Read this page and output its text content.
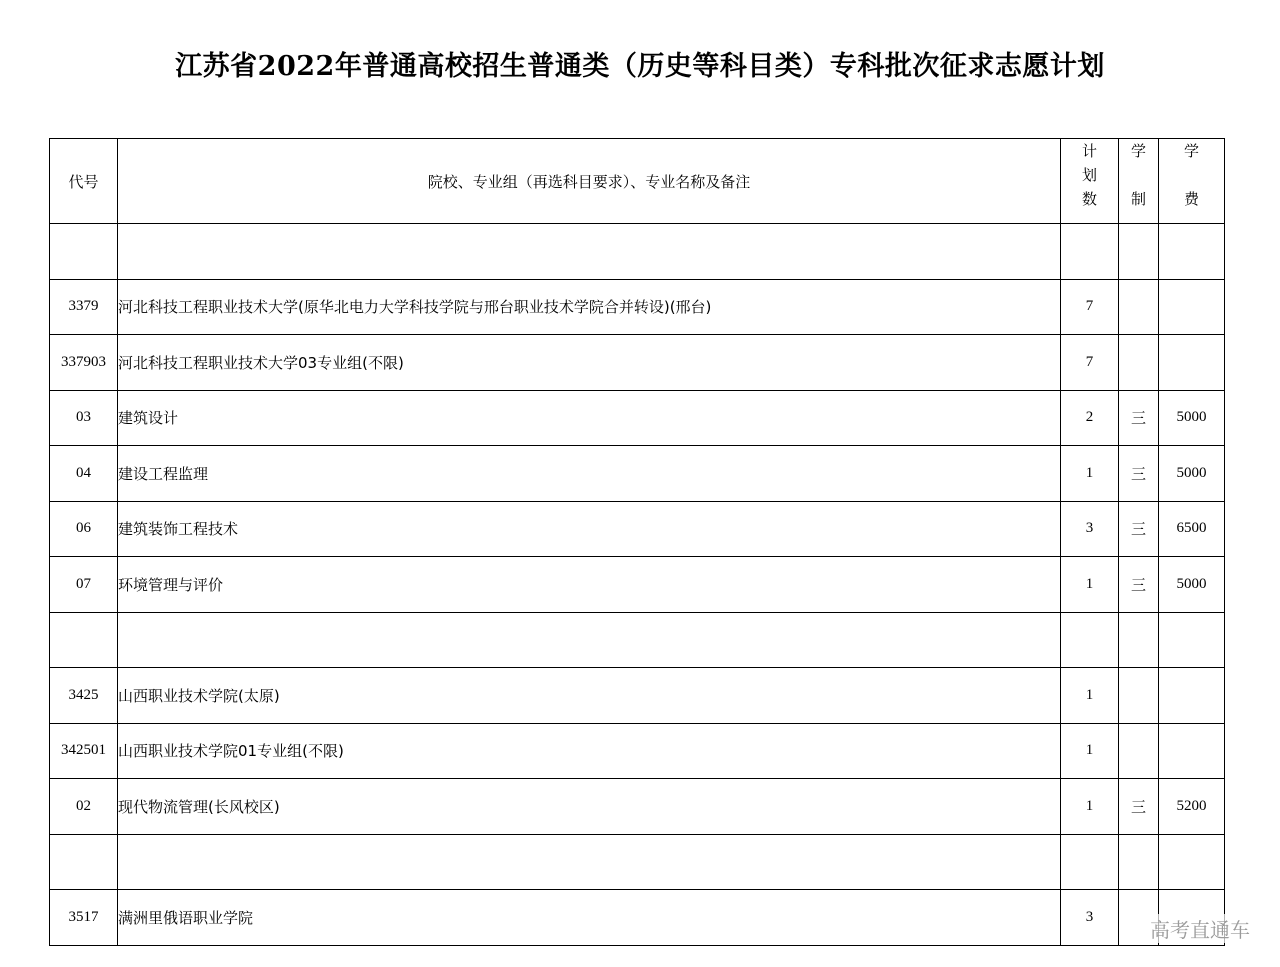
江苏省2022年普通高校招生普通类（历史等科目类）专科批次征求志愿计划
代号	院校、专业组（再选科目要求）、专业名称及备注	计划数	学制	学费

3379	河北科技工程职业技术大学(原华北电力大学科技学院与邢台职业技术学院合并转设)(邢台)	7		
337903	河北科技工程职业技术大学03专业组(不限)	7		
03	建筑设计	2	三	5000
04	建设工程监理	1	三	5000
06	建筑装饰工程技术	3	三	6500
07	环境管理与评价	1	三	5000

3425	山西职业技术学院(太原)	1		
342501	山西职业技术学院01专业组(不限)	1		
02	现代物流管理(长风校区)	1	三	5200

3517	满洲里俄语职业学院	3		
高考直通车
